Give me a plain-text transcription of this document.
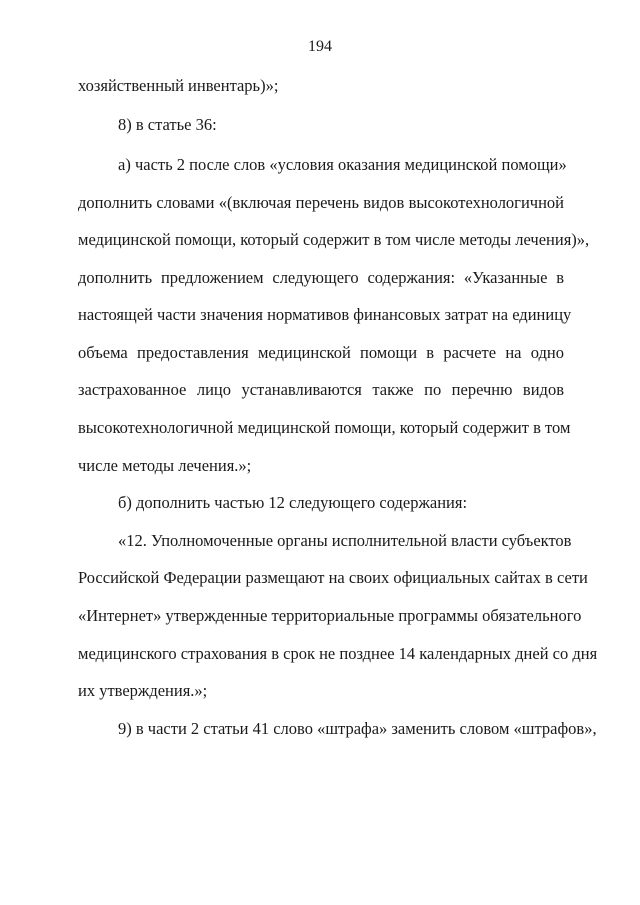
194
хозяйственный инвентарь)»;
8) в статье 36:
а) часть 2 после слов «условия оказания медицинской помощи»
дополнить словами «(включая перечень видов высокотехнологичной
медицинской помощи, который содержит в том числе методы лечения)»,
дополнить предложением следующего содержания: «Указанные в
настоящей части значения нормативов финансовых затрат на единицу
объема предоставления медицинской помощи в расчете на одно
застрахованное лицо устанавливаются также по перечню видов
высокотехнологичной медицинской помощи, который содержит в том
числе методы лечения.»;
б) дополнить частью 12 следующего содержания:
«12. Уполномоченные органы исполнительной власти субъектов
Российской Федерации размещают на своих официальных сайтах в сети
«Интернет» утвержденные территориальные программы обязательного
медицинского страхования в срок не позднее 14 календарных дней со дня
их утверждения.»;
9) в части 2 статьи 41 слово «штрафа» заменить словом «штрафов»,
